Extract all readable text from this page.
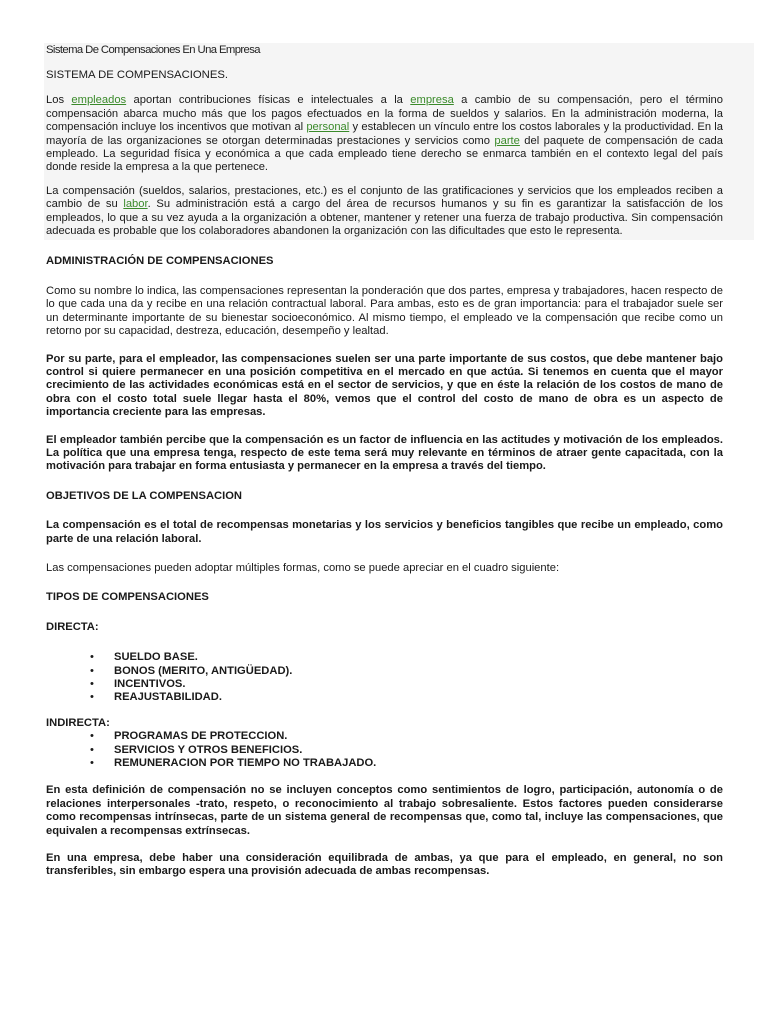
Sistema De Compensaciones En Una Empresa
SISTEMA DE COMPENSACIONES.

Los empleados aportan contribuciones físicas e intelectuales a la empresa a cambio de su compensación, pero el término compensación abarca mucho más que los pagos efectuados en la forma de sueldos y salarios. En la administración moderna, la compensación incluye los incentivos que motivan al personal y establecen un vínculo entre los costos laborales y la productividad. En la mayoría de las organizaciones se otorgan determinadas prestaciones y servicios como parte del paquete de compensación de cada empleado. La seguridad física y económica a que cada empleado tiene derecho se enmarca también en el contexto legal del país donde reside la empresa a la que pertenece.

La compensación (sueldos, salarios, prestaciones, etc.) es el conjunto de las gratificaciones y servicios que los empleados reciben a cambio de su labor. Su administración está a cargo del área de recursos humanos y su fin es garantizar la satisfacción de los empleados, lo que a su vez ayuda a la organización a obtener, mantener y retener una fuerza de trabajo productiva. Sin compensación adecuada es probable que los colaboradores abandonen la organización con las dificultades que esto le representa.

ADMINISTRACIÓN DE COMPENSACIONES

Como su nombre lo indica, las compensaciones representan la ponderación que dos partes, empresa y trabajadores, hacen respecto de lo que cada una da y recibe en una relación contractual laboral. Para ambas, esto es de gran importancia: para el trabajador suele ser un determinante importante de su bienestar socioeconómico. Al mismo tiempo, el empleado ve la compensación que recibe como un retorno por su capacidad, destreza, educación, desempeño y lealtad.

Por su parte, para el empleador, las compensaciones suelen ser una parte importante de sus costos, que debe mantener bajo control si quiere permanecer en una posición competitiva en el mercado en que actúa. Si tenemos en cuenta que el mayor crecimiento de las actividades económicas está en el sector de servicios, y que en éste la relación de los costos de mano de obra con el costo total suele llegar hasta el 80%, vemos que el control del costo de mano de obra es un aspecto de importancia creciente para las empresas.

El empleador también percibe que la compensación es un factor de influencia en las actitudes y motivación de los empleados. La política que una empresa tenga, respecto de este tema será muy relevante en términos de atraer gente capacitada, con la motivación para trabajar en forma entusiasta y permanecer en la empresa a través del tiempo.

OBJETIVOS DE LA COMPENSACION

La compensación es el total de recompensas monetarias y los servicios y beneficios tangibles que recibe un empleado, como parte de una relación laboral.

Las compensaciones pueden adoptar múltiples formas, como se puede apreciar en el cuadro siguiente:

TIPOS DE COMPENSACIONES
DIRECTA:
• SUELDO BASE.
• BONOS (MERITO, ANTIGÜEDAD).
• INCENTIVOS.
• REAJUSTABILIDAD.
INDIRECTA:
• PROGRAMAS DE PROTECCION.
• SERVICIOS Y OTROS BENEFICIOS.
• REMUNERACION POR TIEMPO NO TRABAJADO.

En esta definición de compensación no se incluyen conceptos como sentimientos de logro, participación, autonomía o de relaciones interpersonales -trato, respeto, o reconocimiento al trabajo sobresaliente. Estos factores pueden considerarse como recompensas intrínsecas, parte de un sistema general de recompensas que, como tal, incluye las compensaciones, que equivalen a recompensas extrínsecas.

En una empresa, debe haber una consideración equilibrada de ambas, ya que para el empleado, en general, no son transferibles, sin embargo espera una provisión adecuada de ambas recompensas.
